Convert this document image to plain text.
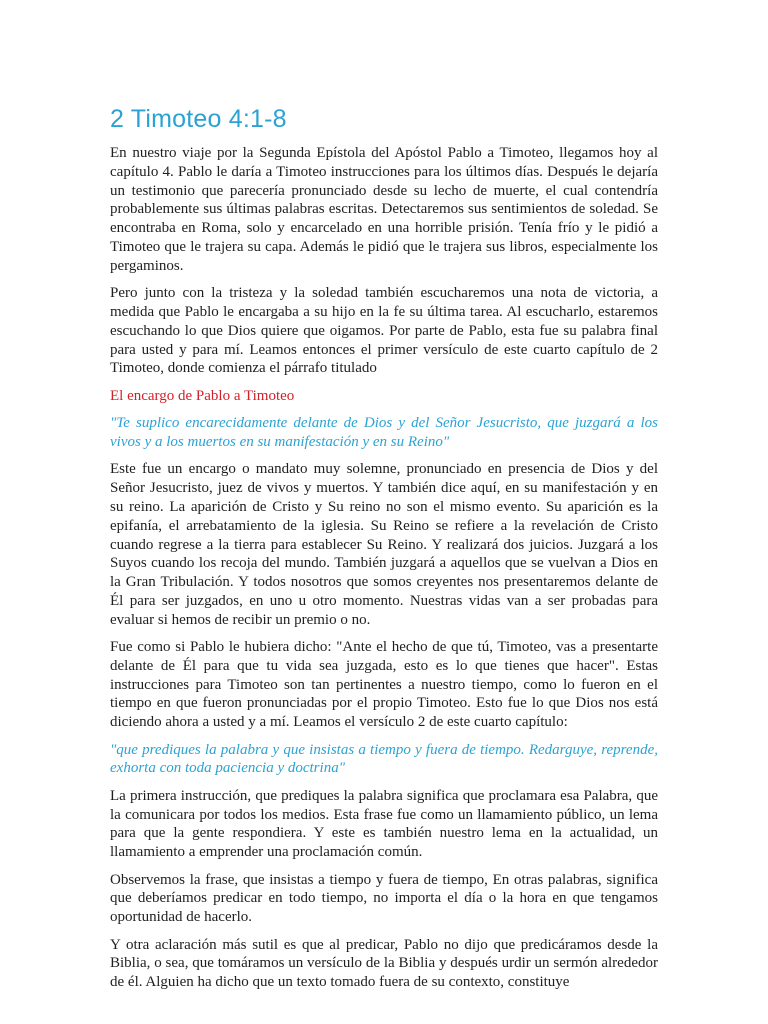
2 Timoteo 4:1-8

En nuestro viaje por la Segunda Epístola del Apóstol Pablo a Timoteo, llegamos hoy al capítulo 4. Pablo le daría a Timoteo instrucciones para los últimos días. Después le dejaría un testimonio que parecería pronunciado desde su lecho de muerte, el cual contendría probablemente sus últimas palabras escritas. Detectaremos sus sentimientos de soledad. Se encontraba en Roma, solo y encarcelado en una horrible prisión. Tenía frío y le pidió a Timoteo que le trajera su capa. Además le pidió que le trajera sus libros, especialmente los pergaminos.

Pero junto con la tristeza y la soledad también escucharemos una nota de victoria, a medida que Pablo le encargaba a su hijo en la fe su última tarea. Al escucharlo, estaremos escuchando lo que Dios quiere que oigamos. Por parte de Pablo, esta fue su palabra final para usted y para mí. Leamos entonces el primer versículo de este cuarto capítulo de 2 Timoteo, donde comienza el párrafo titulado

El encargo de Pablo a Timoteo

"Te suplico encarecidamente delante de Dios y del Señor Jesucristo, que juzgará a los vivos y a los muertos en su manifestación y en su Reino"

Este fue un encargo o mandato muy solemne, pronunciado en presencia de Dios y del Señor Jesucristo, juez de vivos y muertos. Y también dice aquí, en su manifestación y en su reino. La aparición de Cristo y Su reino no son el mismo evento. Su aparición es la epifanía, el arrebatamiento de la iglesia. Su Reino se refiere a la revelación de Cristo cuando regrese a la tierra para establecer Su Reino. Y realizará dos juicios. Juzgará a los Suyos cuando los recoja del mundo. También juzgará a aquellos que se vuelvan a Dios en la Gran Tribulación. Y todos nosotros que somos creyentes nos presentaremos delante de Él para ser juzgados, en uno u otro momento. Nuestras vidas van a ser probadas para evaluar si hemos de recibir un premio o no.

Fue como si Pablo le hubiera dicho: "Ante el hecho de que tú, Timoteo, vas a presentarte delante de Él para que tu vida sea juzgada, esto es lo que tienes que hacer". Estas instrucciones para Timoteo son tan pertinentes a nuestro tiempo, como lo fueron en el tiempo en que fueron pronunciadas por el propio Timoteo. Esto fue lo que Dios nos está diciendo ahora a usted y a mí. Leamos el versículo 2 de este cuarto capítulo:

"que prediques la palabra y que insistas a tiempo y fuera de tiempo. Redarguye, reprende, exhorta con toda paciencia y doctrina"

La primera instrucción, que prediques la palabra significa que proclamara esa Palabra, que la comunicara por todos los medios. Esta frase fue como un llamamiento público, un lema para que la gente respondiera. Y este es también nuestro lema en la actualidad, un llamamiento a emprender una proclamación común.

Observemos la frase, que insistas a tiempo y fuera de tiempo, En otras palabras, significa que deberíamos predicar en todo tiempo, no importa el día o la hora en que tengamos oportunidad de hacerlo.

Y otra aclaración más sutil es que al predicar, Pablo no dijo que predicáramos desde la Biblia, o sea, que tomáramos un versículo de la Biblia y después urdir un sermón alrededor de él. Alguien ha dicho que un texto tomado fuera de su contexto, constituye
